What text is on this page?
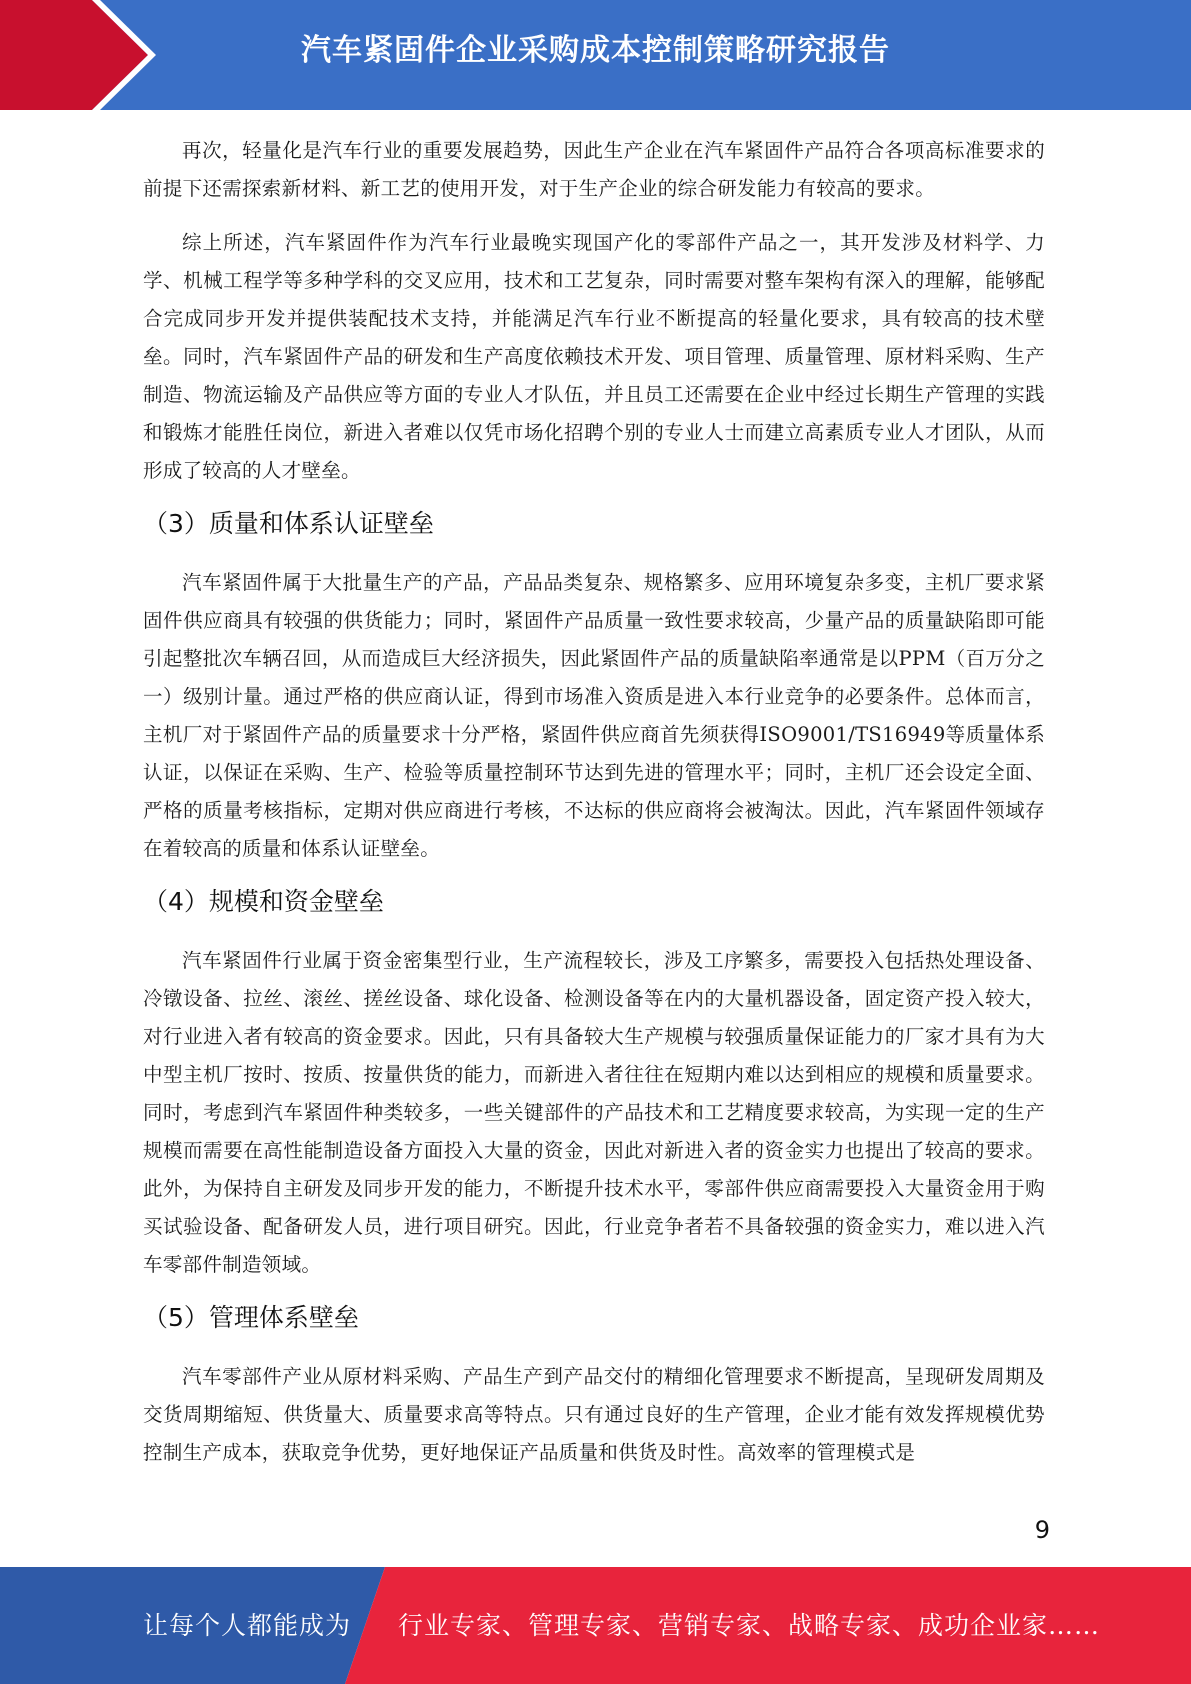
汽车紧固件企业采购成本控制策略研究报告

再次，轻量化是汽车行业的重要发展趋势，因此生产企业在汽车紧固件产品符合各项高标准要求的前提下还需探索新材料、新工艺的使用开发，对于生产企业的综合研发能力有较高的要求。

综上所述，汽车紧固件作为汽车行业最晚实现国产化的零部件产品之一，其开发涉及材料学、力学、机械工程学等多种学科的交叉应用，技术和工艺复杂，同时需要对整车架构有深入的理解，能够配合完成同步开发并提供装配技术支持，并能满足汽车行业不断提高的轻量化要求，具有较高的技术壁垒。同时，汽车紧固件产品的研发和生产高度依赖技术开发、项目管理、质量管理、原材料采购、生产制造、物流运输及产品供应等方面的专业人才队伍，并且员工还需要在企业中经过长期生产管理的实践和锻炼才能胜任岗位，新进入者难以仅凭市场化招聘个别的专业人士而建立高素质专业人才团队，从而形成了较高的人才壁垒。

（3）质量和体系认证壁垒

汽车紧固件属于大批量生产的产品，产品品类复杂、规格繁多、应用环境复杂多变，主机厂要求紧固件供应商具有较强的供货能力；同时，紧固件产品质量一致性要求较高，少量产品的质量缺陷即可能引起整批次车辆召回，从而造成巨大经济损失，因此紧固件产品的质量缺陷率通常是以PPM（百万分之一）级别计量。通过严格的供应商认证，得到市场准入资质是进入本行业竞争的必要条件。总体而言，主机厂对于紧固件产品的质量要求十分严格，紧固件供应商首先须获得ISO9001/TS16949等质量体系认证，以保证在采购、生产、检验等质量控制环节达到先进的管理水平；同时，主机厂还会设定全面、严格的质量考核指标，定期对供应商进行考核，不达标的供应商将会被淘汰。因此，汽车紧固件领域存在着较高的质量和体系认证壁垒。

（4）规模和资金壁垒

汽车紧固件行业属于资金密集型行业，生产流程较长，涉及工序繁多，需要投入包括热处理设备、冷镦设备、拉丝、滚丝、搓丝设备、球化设备、检测设备等在内的大量机器设备，固定资产投入较大，对行业进入者有较高的资金要求。因此，只有具备较大生产规模与较强质量保证能力的厂家才具有为大中型主机厂按时、按质、按量供货的能力，而新进入者往往在短期内难以达到相应的规模和质量要求。同时，考虑到汽车紧固件种类较多，一些关键部件的产品技术和工艺精度要求较高，为实现一定的生产规模而需要在高性能制造设备方面投入大量的资金，因此对新进入者的资金实力也提出了较高的要求。此外，为保持自主研发及同步开发的能力，不断提升技术水平，零部件供应商需要投入大量资金用于购买试验设备、配备研发人员，进行项目研究。因此，行业竞争者若不具备较强的资金实力，难以进入汽车零部件制造领域。

（5）管理体系壁垒

汽车零部件产业从原材料采购、产品生产到产品交付的精细化管理要求不断提高，呈现研发周期及交货周期缩短、供货量大、质量要求高等特点。只有通过良好的生产管理，企业才能有效发挥规模优势控制生产成本，获取竞争优势，更好地保证产品质量和供货及时性。高效率的管理模式是

9
让每个人都能成为 行业专家、管理专家、营销专家、战略专家、成功企业家……
